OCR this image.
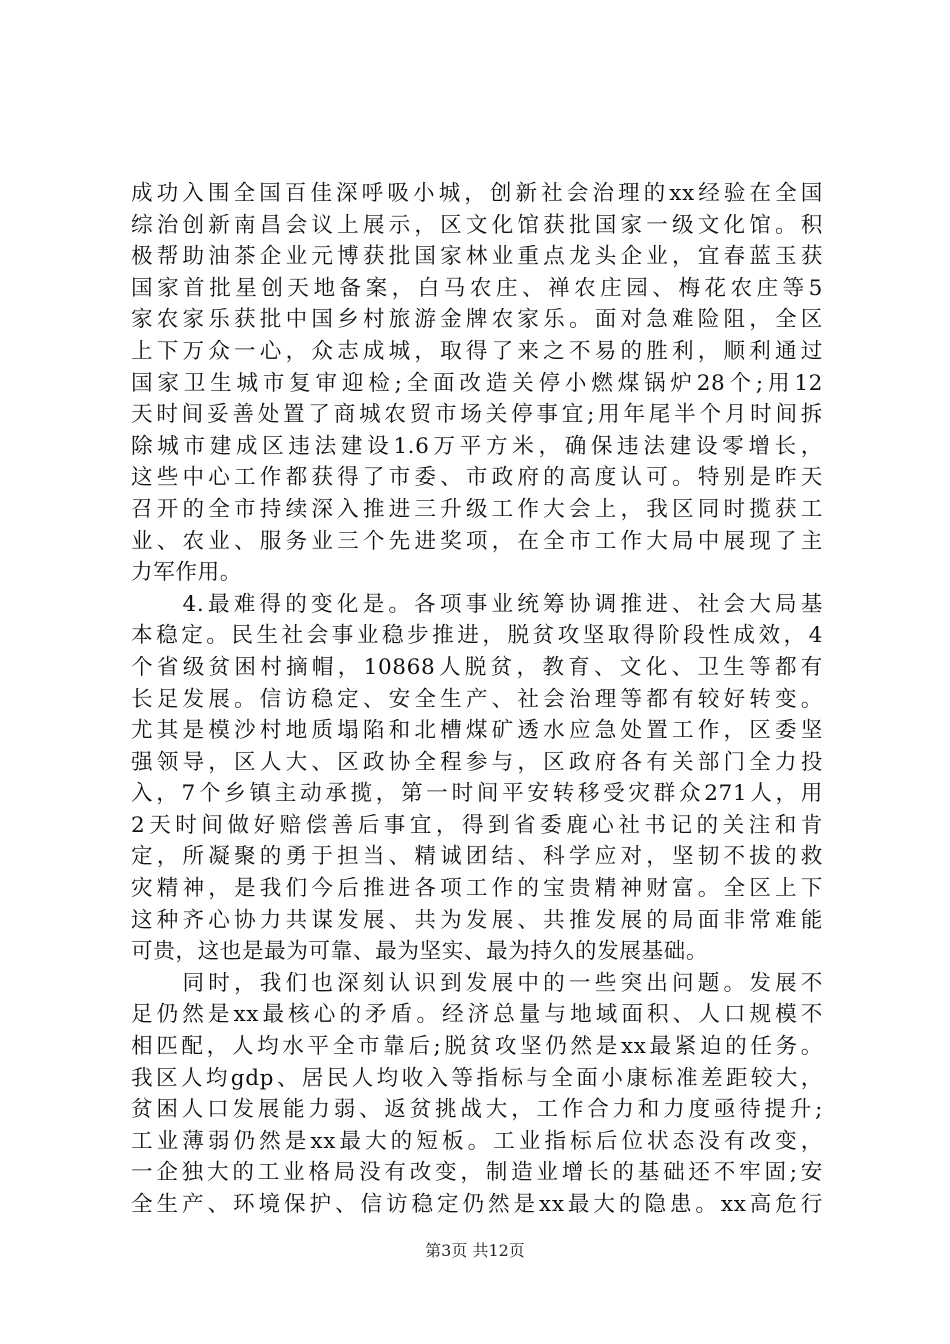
成功入围全国百佳深呼吸小城，创新社会治理的xx经验在全国
综治创新南昌会议上展示，区文化馆获批国家一级文化馆。积
极帮助油茶企业元博获批国家林业重点龙头企业，宜春蓝玉获
国家首批星创天地备案，白马农庄、禅农庄园、梅花农庄等5
家农家乐获批中国乡村旅游金牌农家乐。面对急难险阻，全区
上下万众一心，众志成城，取得了来之不易的胜利，顺利通过
国家卫生城市复审迎检;全面改造关停小燃煤锅炉28个;用12
天时间妥善处置了商城农贸市场关停事宜;用年尾半个月时间拆
除城市建成区违法建设1.6万平方米，确保违法建设零增长，
这些中心工作都获得了市委、市政府的高度认可。特别是昨天
召开的全市持续深入推进三升级工作大会上，我区同时揽获工
业、农业、服务业三个先进奖项，在全市工作大局中展现了主
力军作用。
　　4.最难得的变化是。各项事业统筹协调推进、社会大局基
本稳定。民生社会事业稳步推进，脱贫攻坚取得阶段性成效，4
个省级贫困村摘帽，10868人脱贫，教育、文化、卫生等都有
长足发展。信访稳定、安全生产、社会治理等都有较好转变。
尤其是模沙村地质塌陷和北槽煤矿透水应急处置工作，区委坚
强领导，区人大、区政协全程参与，区政府各有关部门全力投
入，7个乡镇主动承揽，第一时间平安转移受灾群众271人，用
2天时间做好赔偿善后事宜，得到省委鹿心社书记的关注和肯
定，所凝聚的勇于担当、精诚团结、科学应对，坚韧不拔的救
灾精神，是我们今后推进各项工作的宝贵精神财富。全区上下
这种齐心协力共谋发展、共为发展、共推发展的局面非常难能
可贵，这也是最为可靠、最为坚实、最为持久的发展基础。
　　同时，我们也深刻认识到发展中的一些突出问题。发展不
足仍然是xx最核心的矛盾。经济总量与地域面积、人口规模不
相匹配，人均水平全市靠后;脱贫攻坚仍然是xx最紧迫的任务。
我区人均gdp、居民人均收入等指标与全面小康标准差距较大，
贫困人口发展能力弱、返贫挑战大，工作合力和力度亟待提升;
工业薄弱仍然是xx最大的短板。工业指标后位状态没有改变，
一企独大的工业格局没有改变，制造业增长的基础还不牢固;安
全生产、环境保护、信访稳定仍然是xx最大的隐患。xx高危行
第3页 共12页
